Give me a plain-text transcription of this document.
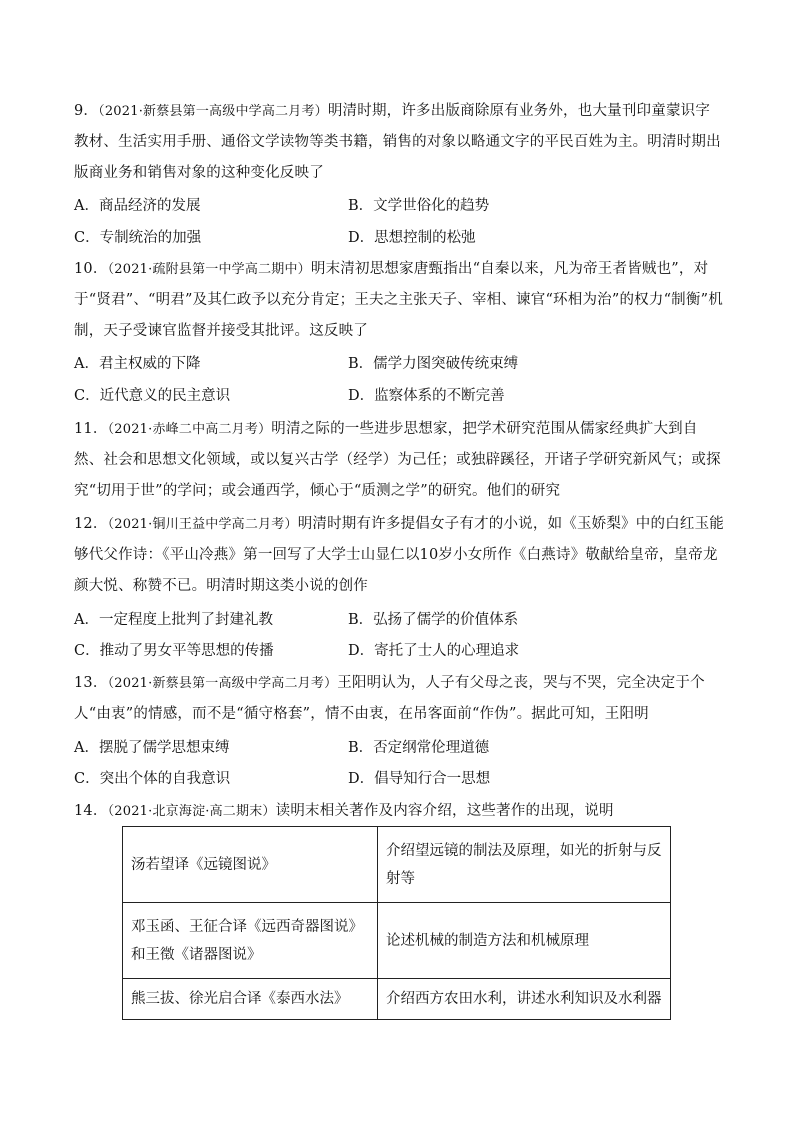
9．（2021·新蔡县第一高级中学高二月考）明清时期，许多出版商除原有业务外，也大量刊印童蒙识字教材、生活实用手册、通俗文学读物等类书籍，销售的对象以略通文字的平民百姓为主。明清时期出版商业务和销售对象的这种变化反映了
A．商品经济的发展	B．文学世俗化的趋势
C．专制统治的加强	D．思想控制的松弛
10．（2021·疏附县第一中学高二期中）明末清初思想家唐甄指出“自秦以来，凡为帝王者皆贼也”，对于“贤君”、“明君”及其仁政予以充分肯定；王夫之主张天子、宰相、谏官“环相为治”的权力“制衡”机制，天子受谏官监督并接受其批评。这反映了
A．君主权威的下降	B．儒学力图突破传统束缚
C．近代意义的民主意识	D．监察体系的不断完善
11．（2021·赤峰二中高二月考）明清之际的一些进步思想家，把学术研究范围从儒家经典扩大到自然、社会和思想文化领域，或以复兴古学（经学）为己任；或独辟蹊径，开诸子学研究新风气；或探究“切用于世”的学问；或会通西学，倾心于“质测之学”的研究。他们的研究
12．（2021·铜川王益中学高二月考）明清时期有许多提倡女子有才的小说，如《玉娇梨》中的白红玉能够代父作诗：《平山冷燕》第一回写了大学士山显仁以10岁小女所作《白燕诗》敬献给皇帝，皇帝龙颜大悦、称赞不已。明清时期这类小说的创作
A．一定程度上批判了封建礼教	B．弘扬了儒学的价值体系
C．推动了男女平等思想的传播	D．寄托了士人的心理追求
13．（2021·新蔡县第一高级中学高二月考）王阳明认为，人子有父母之丧，哭与不哭，完全决定于个人“由衷”的情感，而不是“循守格套”，情不由衷，在吊客面前“作伪”。据此可知，王阳明
A．摆脱了儒学思想束缚	B．否定纲常伦理道德
C．突出个体的自我意识	D．倡导知行合一思想
14．（2021·北京海淀·高二期末）读明末相关著作及内容介绍，这些著作的出现，说明
汤若望译《远镜图说》	介绍望远镜的制法及原理，如光的折射与反射等
邓玉函、王征合译《远西奇器图说》和王徵《诸器图说》	论述机械的制造方法和机械原理
熊三拔、徐光启合译《泰西水法》	介绍西方农田水利，讲述水利知识及水利器
